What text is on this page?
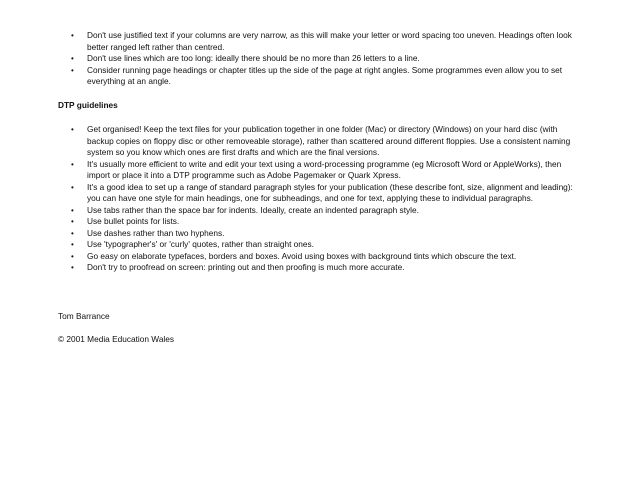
• Don't use justified text if your columns are very narrow, as this will make your letter or word spacing too uneven. Headings often look better ranged left rather than centred.
• Don't use lines which are too long: ideally there should be no more than 26 letters to a line.
• Consider running page headings or chapter titles up the side of the page at right angles. Some programmes even allow you to set everything at an angle.
DTP guidelines
• Get organised! Keep the text files for your publication together in one folder (Mac) or directory (Windows) on your hard disc (with backup copies on floppy disc or other removeable storage), rather than scattered around different floppies. Use a consistent naming system so you know which ones are first drafts and which are the final versions.
• It's usually more efficient to write and edit your text using a word-processing programme (eg Microsoft Word or AppleWorks), then import or place it into a DTP programme such as Adobe Pagemaker or Quark Xpress.
• It's a good idea to set up a range of standard paragraph styles for your publication (these describe font, size, alignment and leading): you can have one style for main headings, one for subheadings, and one for text, applying these to individual paragraphs.
• Use tabs rather than the space bar for indents. Ideally, create an indented paragraph style.
• Use bullet points for lists.
• Use dashes rather than two hyphens.
• Use 'typographer's' or 'curly' quotes, rather than straight ones.
• Go easy on elaborate typefaces, borders and boxes. Avoid using boxes with background tints which obscure the text.
• Don't try to proofread on screen: printing out and then proofing is much more accurate.
Tom Barrance
© 2001 Media Education Wales
